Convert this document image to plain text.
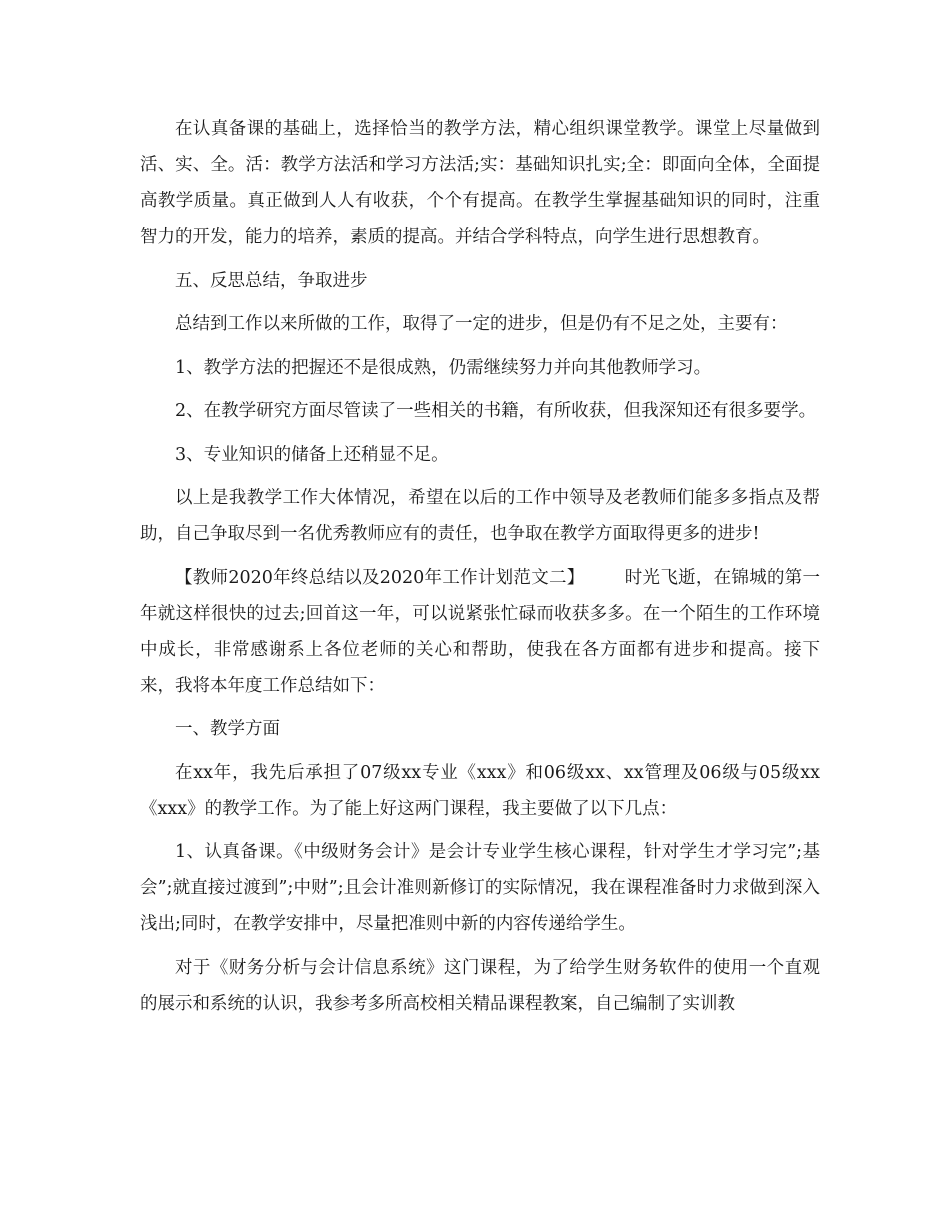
在认真备课的基础上，选择恰当的教学方法，精心组织课堂教学。课堂上尽量做到活、实、全。活：教学方法活和学习方法活;实：基础知识扎实;全：即面向全体，全面提高教学质量。真正做到人人有收获，个个有提高。在教学生掌握基础知识的同时，注重智力的开发，能力的培养，素质的提高。并结合学科特点，向学生进行思想教育。

五、反思总结，争取进步

总结到工作以来所做的工作，取得了一定的进步，但是仍有不足之处，主要有：

1、教学方法的把握还不是很成熟，仍需继续努力并向其他教师学习。

2、在教学研究方面尽管读了一些相关的书籍，有所收获，但我深知还有很多要学。

3、专业知识的储备上还稍显不足。

以上是我教学工作大体情况，希望在以后的工作中领导及老教师们能多多指点及帮助，自己争取尽到一名优秀教师应有的责任，也争取在教学方面取得更多的进步!

【教师2020年终总结以及2020年工作计划范文二】 时光飞逝，在锦城的第一年就这样很快的过去;回首这一年，可以说紧张忙碌而收获多多。在一个陌生的工作环境中成长，非常感谢系上各位老师的关心和帮助，使我在各方面都有进步和提高。接下来，我将本年度工作总结如下：

一、教学方面

在xx年，我先后承担了07级xx专业《xxx》和06级xx、xx管理及06级与05级xx《xxx》的教学工作。为了能上好这两门课程，我主要做了以下几点：

1、认真备课。《中级财务会计》是会计专业学生核心课程，针对学生才学习完”;基会”;就直接过渡到”;中财”;且会计准则新修订的实际情况，我在课程准备时力求做到深入浅出;同时，在教学安排中，尽量把准则中新的内容传递给学生。

对于《财务分析与会计信息系统》这门课程，为了给学生财务软件的使用一个直观的展示和系统的认识，我参考多所高校相关精品课程教案，自己编制了实训教
